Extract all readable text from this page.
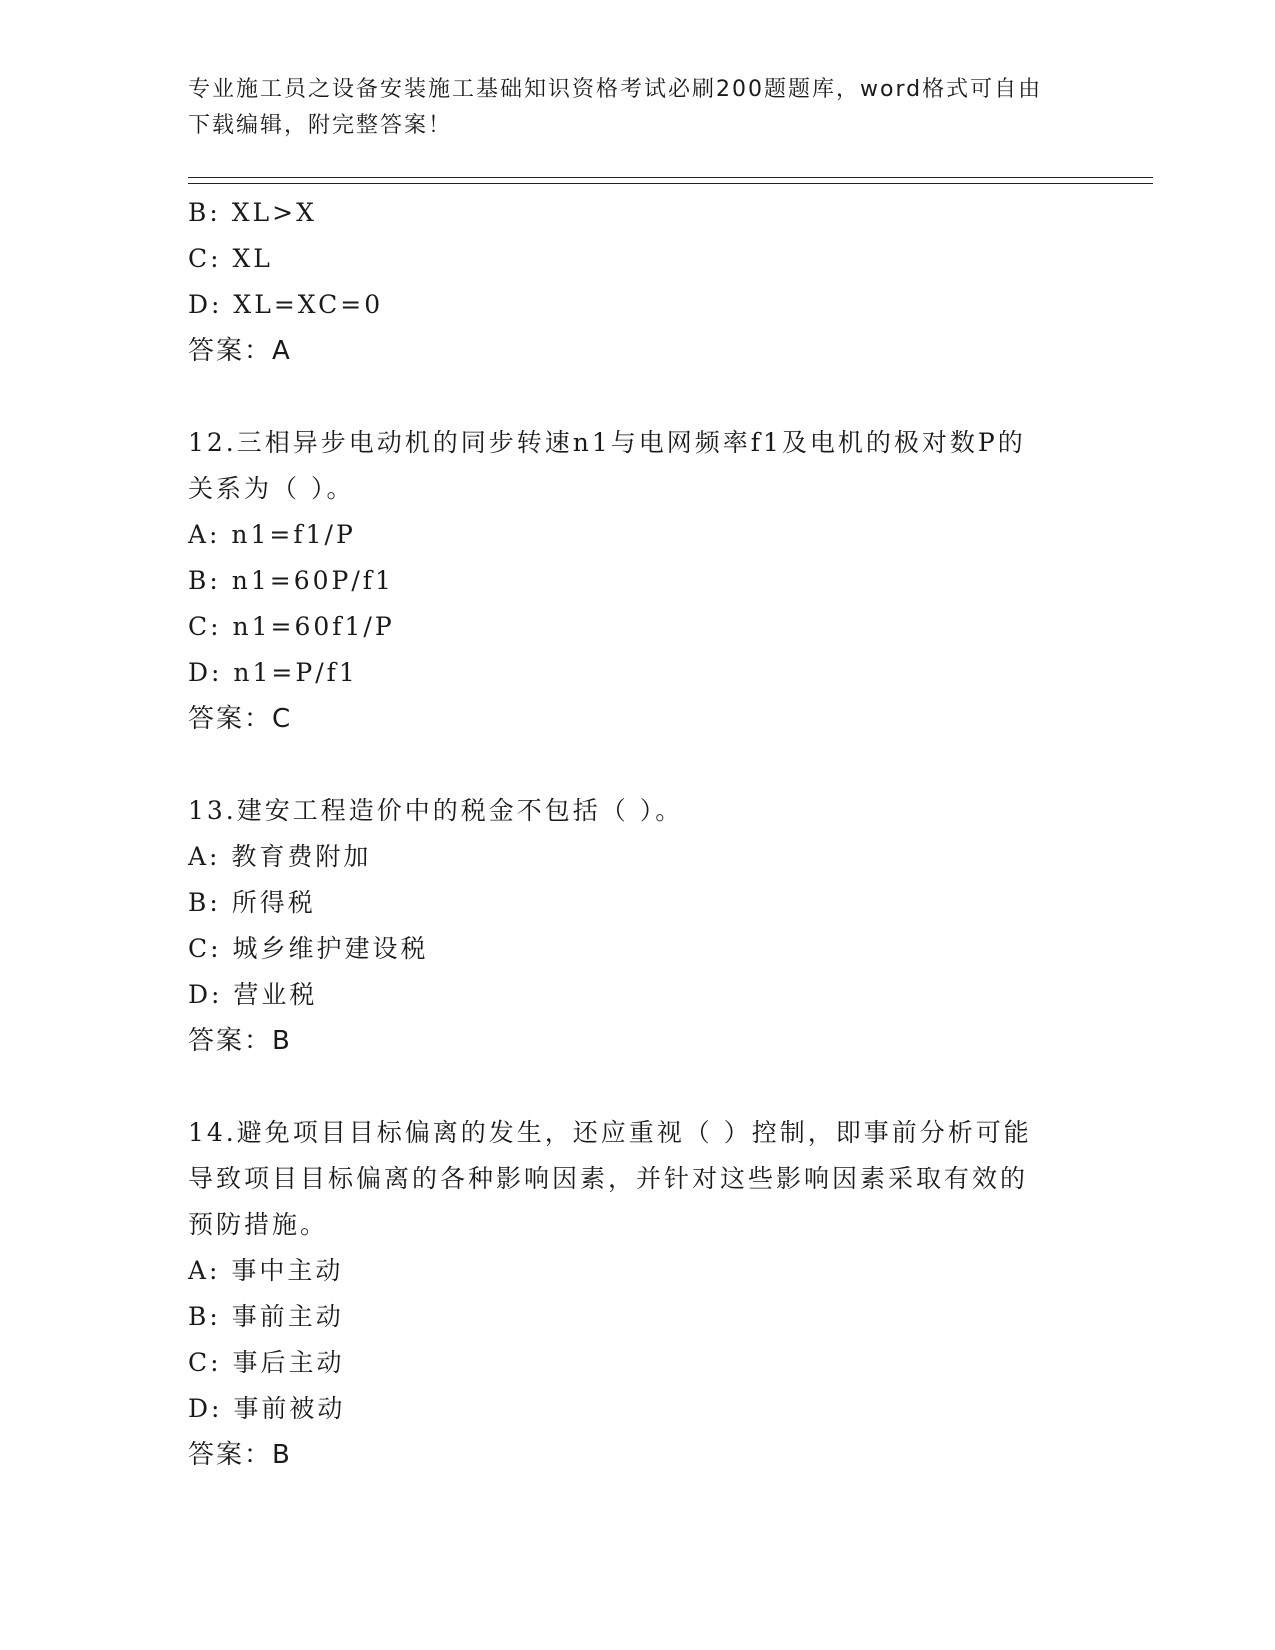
专业施工员之设备安装施工基础知识资格考试必刷200题题库，word格式可自由
下载编辑，附完整答案！
B: XL>X
C: XL
D: XL=XC=0
答案：A
12.三相异步电动机的同步转速n1与电网频率f1及电机的极对数P的
关系为（ ）。
A: n1=f1/P
B: n1=60P/f1
C: n1=60f1/P
D: n1=P/f1
答案：C
13.建安工程造价中的税金不包括（ ）。
A: 教育费附加
B: 所得税
C: 城乡维护建设税
D: 营业税
答案：B
14.避免项目目标偏离的发生，还应重视（ ）控制，即事前分析可能
导致项目目标偏离的各种影响因素，并针对这些影响因素采取有效的
预防措施。
A: 事中主动
B: 事前主动
C: 事后主动
D: 事前被动
答案：B
